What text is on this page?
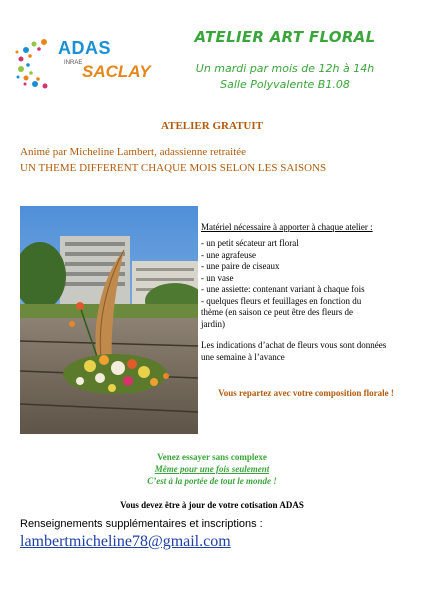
ADAS
INRAE SACLAY
ATELIER ART FLORAL
Un mardi par mois de 12h à 14h
Salle Polyvalente B1.08
ATELIER GRATUIT
Animé par Micheline Lambert, adassienne retraitée
UN THEME DIFFERENT CHAQUE MOIS SELON LES SAISONS
Matériel nécessaire à apporter à chaque atelier :
- un petit sécateur art floral
- une agrafeuse
- une paire de ciseaux
- un vase
- une assiette: contenant variant à chaque fois
- quelques fleurs et feuillages en fonction du
thème (en saison ce peut être des fleurs de
jardin)
Les indications d’achat de fleurs vous sont données une semaine à l’avance
Vous repartez avec votre composition florale !
Venez essayer sans complexe
Même pour une fois seulement
C’est à la portée de tout le monde !
Vous devez être à jour de votre cotisation ADAS
Renseignements supplémentaires et inscriptions :
lambertmicheline78@gmail.com
